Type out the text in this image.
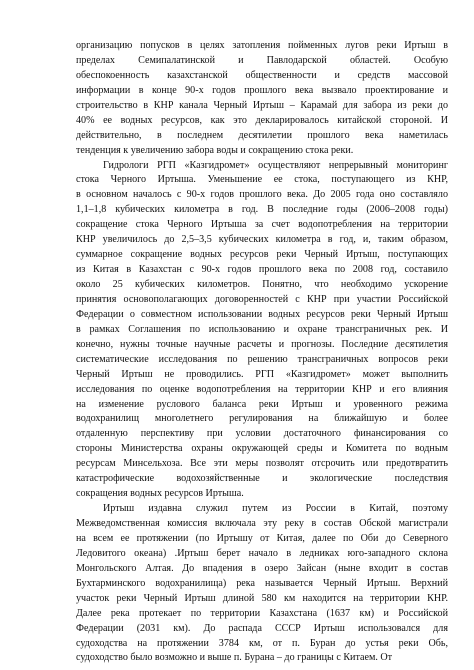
организацию попусков в целях затопления пойменных лугов реки Иртыш в
пределах Семипалатинской и Павлодарской областей. Особую
обеспокоенность казахстанской общественности и средств массовой
информации в конце 90-х годов прошлого века вызвало проектирование и
строительство в КНР канала Черный Иртыш – Карамай для забора из реки до
40% ее водных ресурсов, как это декларировалось китайской стороной. И
действительно, в последнем десятилетии прошлого века наметилась
тенденция к увеличению забора воды и сокращению стока реки.
Гидрологи РГП «Казгидромет» осуществляют непрерывный мониторинг
стока Черного Иртыша. Уменьшение ее стока, поступающего из КНР,
в основном началось с 90-х годов прошлого века. До 2005 года оно составляло
1,1–1,8 кубических километра в год. В последние годы (2006–2008 годы)
сокращение стока Черного Иртыша за счет водопотребления на территории
КНР увеличилось до 2,5–3,5 кубических километра в год, и, таким образом,
суммарное сокращение водных ресурсов реки Черный Иртыш, поступающих
из Китая в Казахстан с 90-х годов прошлого века по 2008 год, составило
около 25 кубических километров. Понятно, что необходимо ускорение
принятия основополагающих договоренностей с КНР при участии Российской
Федерации о совместном использовании водных ресурсов реки Черный Иртыш
в рамках Соглашения по использованию и охране трансграничных рек. И
конечно, нужны точные научные расчеты и прогнозы. Последние десятилетия
систематические исследования по решению трансграничных вопросов реки
Черный Иртыш не проводились. РГП «Казгидромет» может выполнить
исследования по оценке водопотребления на территории КНР и его влияния
на изменение руслового баланса реки Иртыш и уровенного режима
водохранилищ многолетнего регулирования на ближайшую и более
отдаленную перспективу при условии достаточного финансирования со
стороны Министерства охраны окружающей среды и Комитета по водным
ресурсам Минсельхоза. Все эти меры позволят отсрочить или предотвратить
катастрофические водохозяйственные и экологические последствия
сокращения водных ресурсов Иртыша.
Иртыш издавна служил путем из России в Китай, поэтому
Межведомственная комиссия включала эту реку в состав Обской магистрали
на всем ее протяжении (по Иртышу от Китая, далее по Оби до Северного
Ледовитого океана) .Иртыш берет начало в ледниках юго-западного склона
Монгольского Алтая. До впадения в озеро Зайсан (ныне входит в состав
Бухтарминского водохранилища) река называется Черный Иртыш. Верхний
участок реки Черный Иртыш длиной 580 км находится на территории КНР.
Далее река протекает по территории Казахстана (1637 км) и Российской
Федерации (2031 км). До распада СССР Иртыш использовался для
судоходства на протяжении 3784 км, от п. Буран до устья реки Обь,
судоходство было возможно и выше п. Бурана – до границы с Китаем. От
